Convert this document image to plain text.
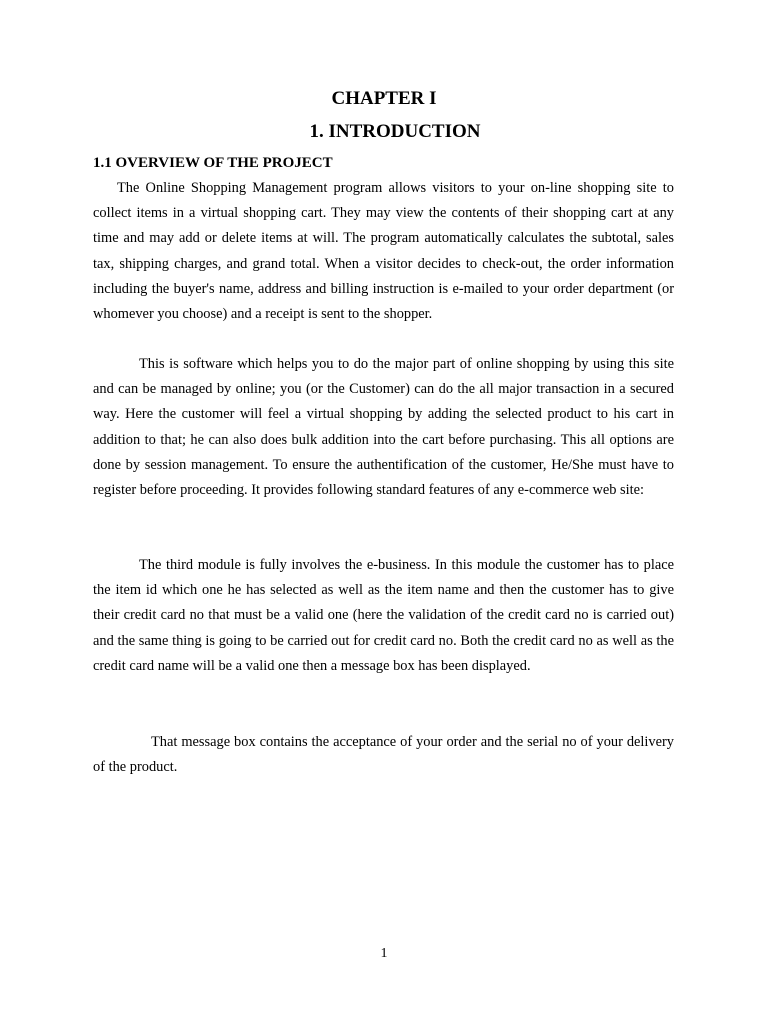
CHAPTER I
1. INTRODUCTION
1.1 OVERVIEW OF THE PROJECT

The Online Shopping Management program allows visitors to your on-line shopping site to collect items in a virtual shopping cart. They may view the contents of their shopping cart at any time and may add or delete items at will. The program automatically calculates the subtotal, sales tax, shipping charges, and grand total. When a visitor decides to check-out, the order information including the buyer's name, address and billing instruction is e-mailed to your order department (or whomever you choose) and a receipt is sent to the shopper.

This is software which helps you to do the major part of online shopping by using this site and can be managed by online; you (or the Customer) can do the all major transaction in a secured way. Here the customer will feel a virtual shopping by adding the selected product to his cart in addition to that; he can also does bulk addition into the cart before purchasing. This all options are done by session management. To ensure the authentification of the customer, He/She must have to register before proceeding. It provides following standard features of any e-commerce web site:

The third module is fully involves the e-business. In this module the customer has to place the item id which one he has selected as well as the item name and then the customer has to give their credit card no that must be a valid one (here the validation of the credit card no is carried out) and the same thing is going to be carried out for credit card no. Both the credit card no as well as the credit card name will be a valid one then a message box has been displayed.

That message box contains the acceptance of your order and the serial no of your delivery of the product.

1
